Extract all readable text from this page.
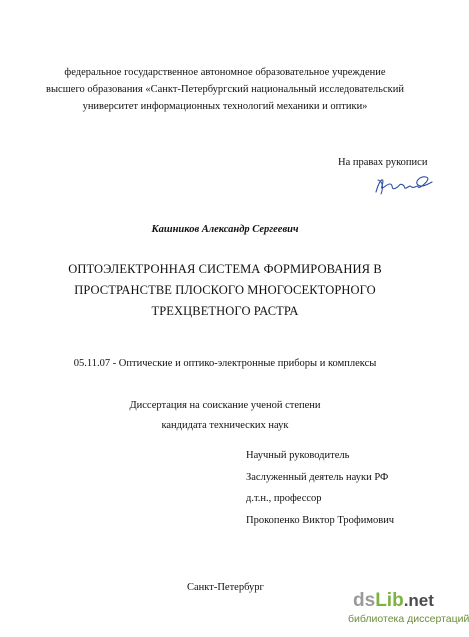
федеральное государственное автономное образовательное учреждение
высшего образования «Санкт-Петербургский национальный исследовательский
университет информационных технологий механики и оптики»
На правах рукописи
Кашников Александр Сергеевич
ОПТОЭЛЕКТРОННАЯ СИСТЕМА ФОРМИРОВАНИЯ В
ПРОСТРАНСТВЕ ПЛОСКОГО МНОГОСЕКТОРНОГО
ТРЕХЦВЕТНОГО РАСТРА
05.11.07 - Оптические и оптико-электронные приборы и комплексы
Диссертация на соискание ученой степени
кандидата технических наук
Научный руководитель
Заслуженный деятель науки РФ
д.т.н., профессор
Прокопенко Виктор Трофимович
Санкт-Петербург
dsLib.net
библиотека диссертаций
